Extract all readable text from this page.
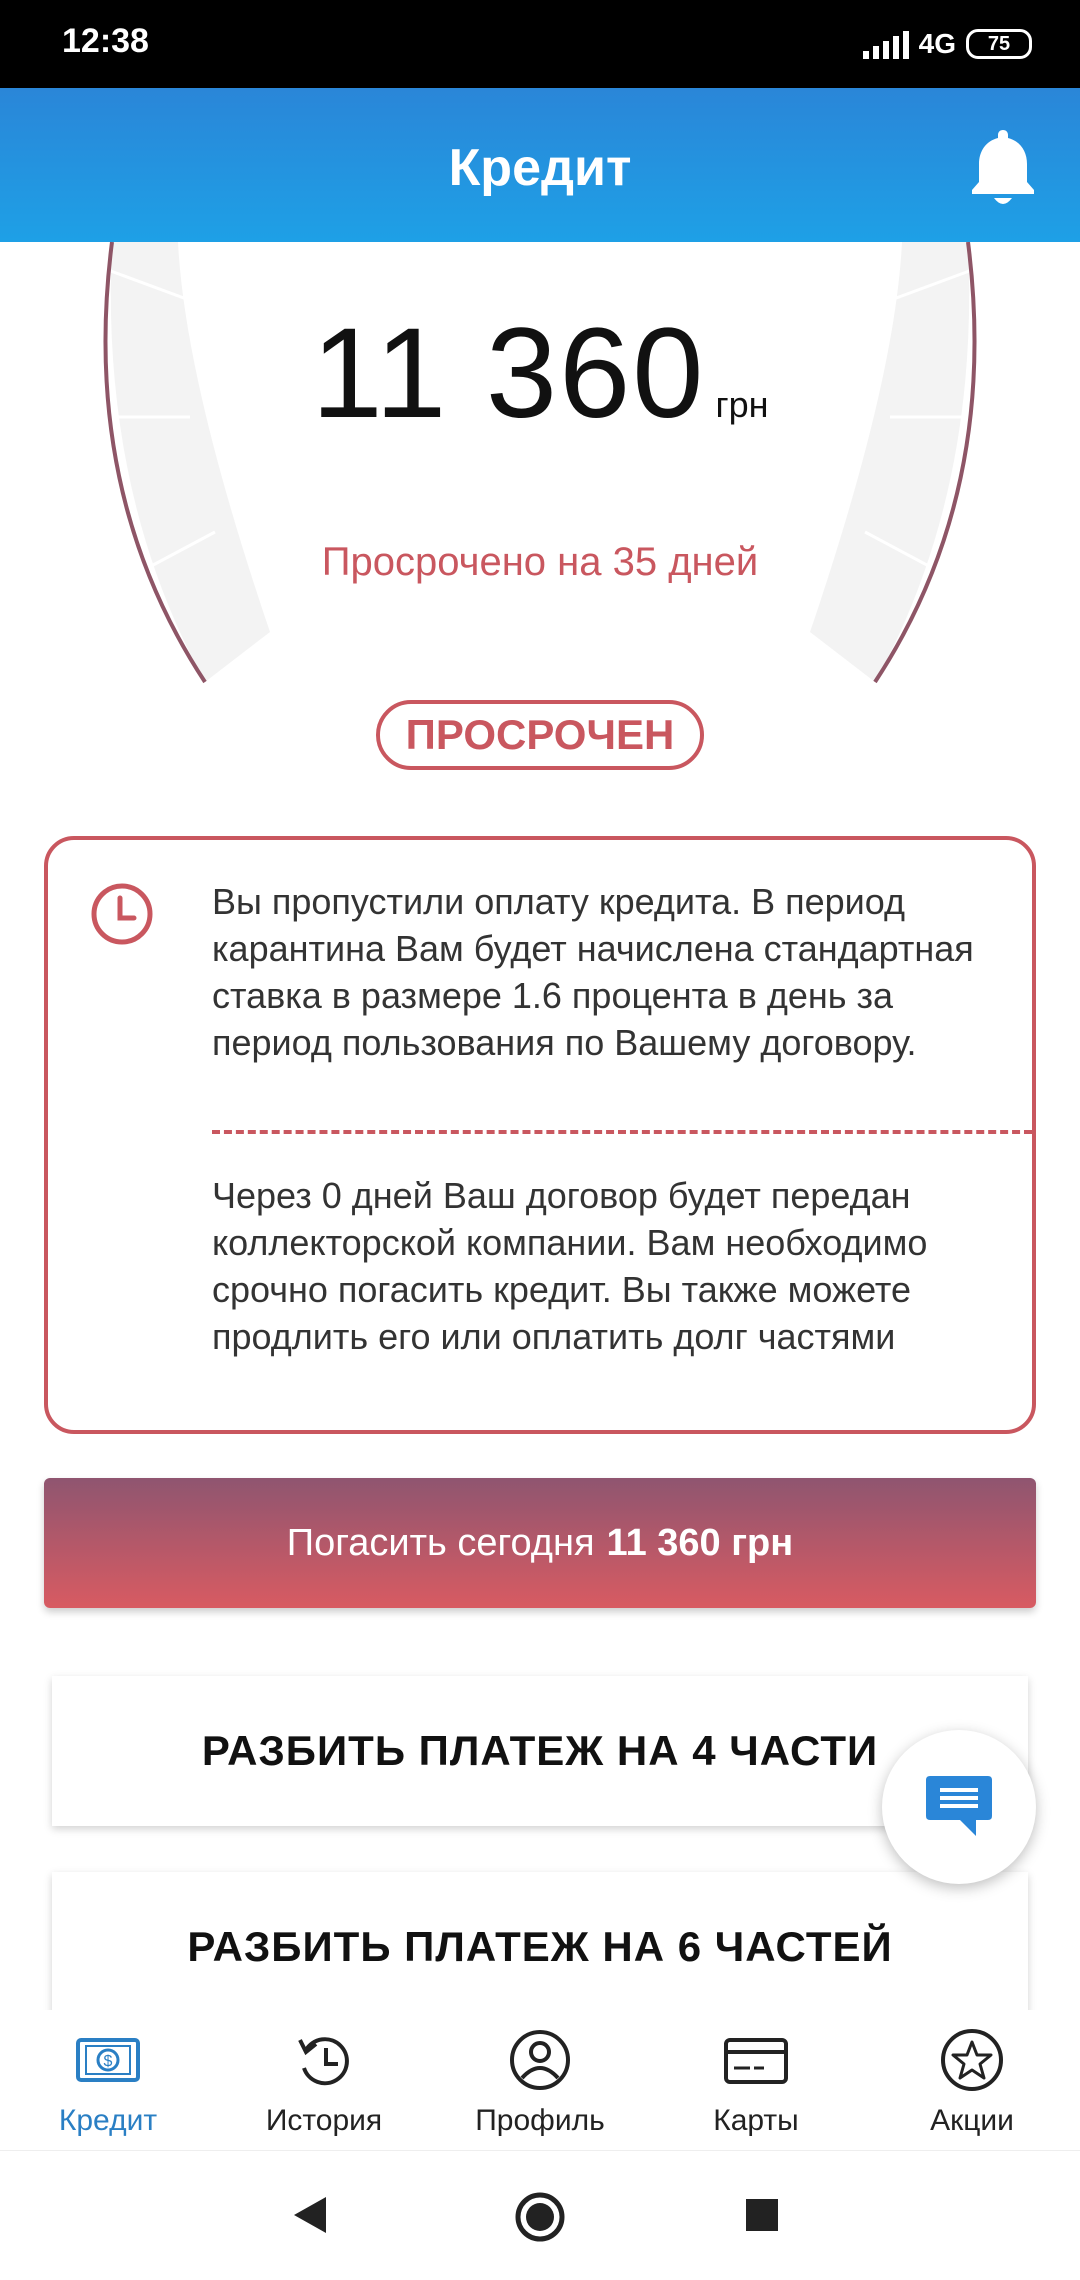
12:38	4G 75
Кредит
11 360 грн
Просрочено на 35 дней
ПРОСРОЧЕН
Вы пропустили оплату кредита. В период карантина Вам будет начислена стандартная ставка в размере 1.6 процента в день за период пользования по Вашему договору.
Через 0 дней Ваш договор будет передан коллекторской компании. Вам необходимо срочно погасить кредит. Вы также можете продлить его или оплатить долг частями
Погасить сегодня 11 360 грн
РАЗБИТЬ ПЛАТЕЖ НА 4 ЧАСТИ
РАЗБИТЬ ПЛАТЕЖ НА 6 ЧАСТЕЙ
$
Кредит	История	Профиль	Карты	Акции
